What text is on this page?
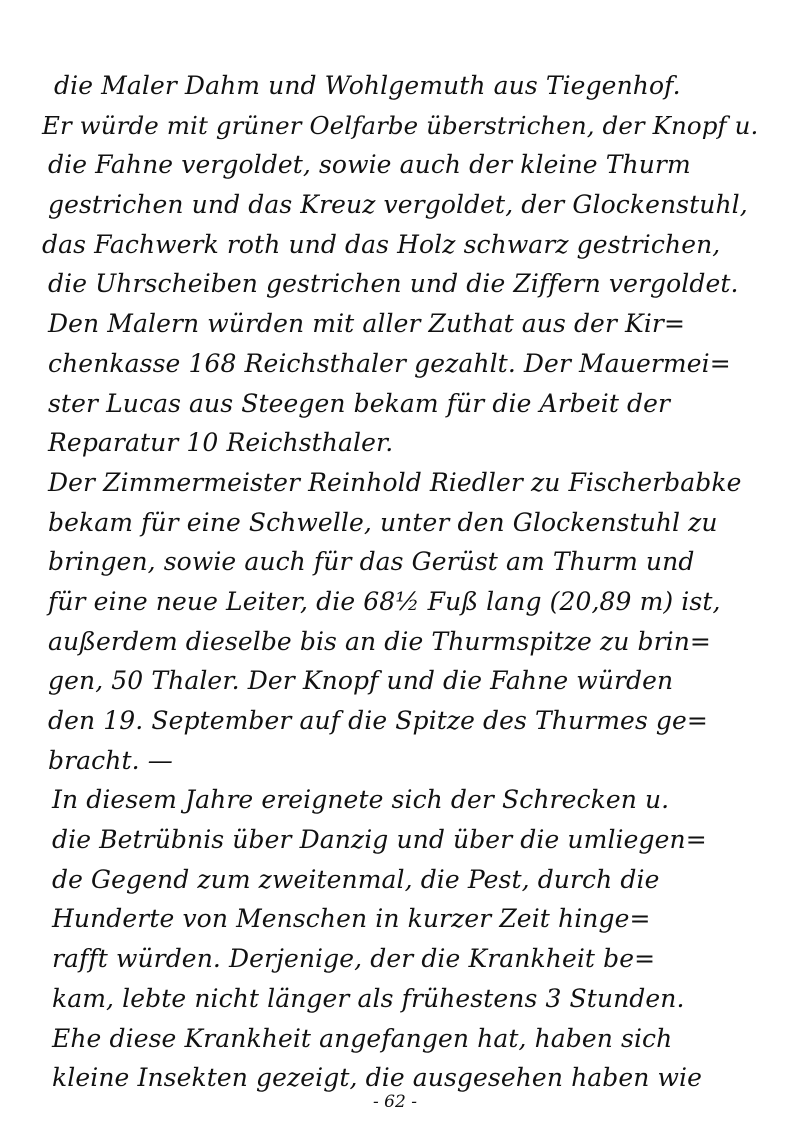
die Maler Dahm und Wohlgemuth aus Tiegenhof.
Er würde mit grüner Oelfarbe überstrichen, der Knopf u.
die Fahne vergoldet, sowie auch der kleine Thurm
gestrichen und das Kreuz vergoldet, der Glockenstuhl,
das Fachwerk roth und das Holz schwarz gestrichen,
die Uhrscheiben gestrichen und die Ziffern vergoldet.
Den Malern würden mit aller Zuthat aus der Kir=
chenkasse 168 Reichsthaler gezahlt. Der Mauermei=
ster Lucas aus Steegen bekam für die Arbeit der
Reparatur 10 Reichsthaler.
Der Zimmermeister Reinhold Riedler zu Fischerbabke
bekam für eine Schwelle, unter den Glockenstuhl zu
bringen, sowie auch für das Gerüst am Thurm und
für eine neue Leiter, die 68½ Fuß lang (20,89 m) ist,
außerdem dieselbe bis an die Thurmspitze zu brin=
gen, 50 Thaler. Der Knopf und die Fahne würden
den 19. September auf die Spitze des Thurmes ge=
bracht. —
In diesem Jahre ereignete sich der Schrecken u.
die Betrübnis über Danzig und über die umliegen=
de Gegend zum zweitenmal, die Pest, durch die
Hunderte von Menschen in kurzer Zeit hinge=
rafft würden. Derjenige, der die Krankheit be=
kam, lebte nicht länger als frühestens 3 Stunden.
Ehe diese Krankheit angefangen hat, haben sich
kleine Insekten gezeigt, die ausgesehen haben wie
- 62 -
